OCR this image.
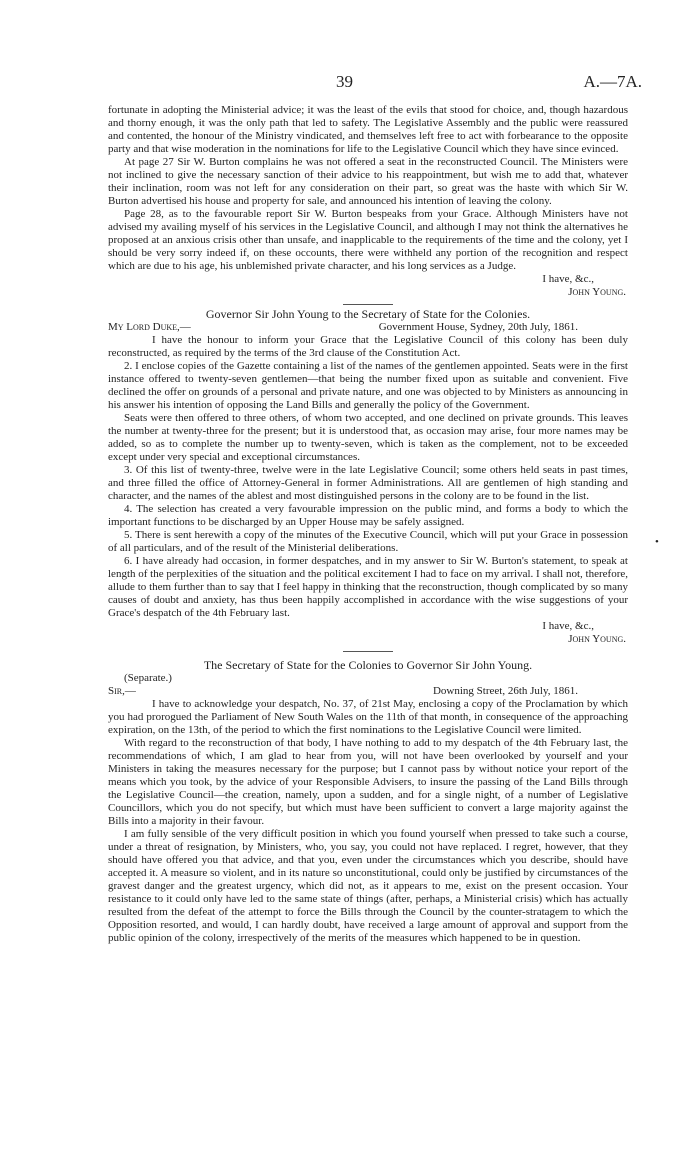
39	A.—7A.
•

fortunate in adopting the Ministerial advice; it was the least of the evils that stood for choice, and, though hazardous and thorny enough, it was the only path that led to safety. The Legislative Assembly and the public were reassured and contented, the honour of the Ministry vindicated, and themselves left free to act with forbearance to the opposite party and that wise moderation in the nominations for life to the Legislative Council which they have since evinced.

At page 27 Sir W. Burton complains he was not offered a seat in the reconstructed Council. The Ministers were not inclined to give the necessary sanction of their advice to his reappointment, but wish me to add that, whatever their inclination, room was not left for any consideration on their part, so great was the haste with which Sir W. Burton advertised his house and property for sale, and announced his intention of leaving the colony.

Page 28, as to the favourable report Sir W. Burton bespeaks from your Grace. Although Ministers have not advised my availing myself of his services in the Legislative Council, and although I may not think the alternatives he proposed at an anxious crisis other than unsafe, and inapplicable to the requirements of the time and the colony, yet I should be very sorry indeed if, on these occounts, there were withheld any portion of the recognition and respect which are due to his age, his unblemished private character, and his long services as a Judge.

I have, &c.,

John Young.

Governor Sir John Young to the Secretary of State for the Colonies.

My Lord Duke,—	Government House, Sydney, 20th July, 1861.

I have the honour to inform your Grace that the Legislative Council of this colony has been duly reconstructed, as required by the terms of the 3rd clause of the Constitution Act.

2. I enclose copies of the Gazette containing a list of the names of the gentlemen appointed. Seats were in the first instance offered to twenty-seven gentlemen—that being the number fixed upon as suitable and convenient. Five declined the offer on grounds of a personal and private nature, and one was objected to by Ministers as announcing in his answer his intention of opposing the Land Bills and generally the policy of the Government.

Seats were then offered to three others, of whom two accepted, and one declined on private grounds. This leaves the number at twenty-three for the present; but it is understood that, as occasion may arise, four more names may be added, so as to complete the number up to twenty-seven, which is taken as the complement, not to be exceeded except under very special and exceptional circumstances.

3. Of this list of twenty-three, twelve were in the late Legislative Council; some others held seats in past times, and three filled the office of Attorney-General in former Administrations. All are gentlemen of high standing and character, and the names of the ablest and most distinguished persons in the colony are to be found in the list.

4. The selection has created a very favourable impression on the public mind, and forms a body to which the important functions to be discharged by an Upper House may be safely assigned.

5. There is sent herewith a copy of the minutes of the Executive Council, which will put your Grace in possession of all particulars, and of the result of the Ministerial deliberations.

6. I have already had occasion, in former despatches, and in my answer to Sir W. Burton's statement, to speak at length of the perplexities of the situation and the political excitement I had to face on my arrival. I shall not, therefore, allude to them further than to say that I feel happy in thinking that the reconstruction, though complicated by so many causes of doubt and anxiety, has thus been happily accomplished in accordance with the wise suggestions of your Grace's despatch of the 4th February last.

I have, &c.,

John Young.

The Secretary of State for the Colonies to Governor Sir John Young.

(Separate.)

Sir,—	Downing Street, 26th July, 1861.

I have to acknowledge your despatch, No. 37, of 21st May, enclosing a copy of the Proclamation by which you had prorogued the Parliament of New South Wales on the 11th of that month, in consequence of the approaching expiration, on the 13th, of the period to which the first nominations to the Legislative Council were limited.

With regard to the reconstruction of that body, I have nothing to add to my despatch of the 4th February last, the recommendations of which, I am glad to hear from you, will not have been overlooked by yourself and your Ministers in taking the measures necessary for the purpose; but I cannot pass by without notice your report of the means which you took, by the advice of your Responsible Advisers, to insure the passing of the Land Bills through the Legislative Council—the creation, namely, upon a sudden, and for a single night, of a number of Legislative Councillors, which you do not specify, but which must have been sufficient to convert a large majority against the Bills into a majority in their favour.

I am fully sensible of the very difficult position in which you found yourself when pressed to take such a course, under a threat of resignation, by Ministers, who, you say, you could not have replaced. I regret, however, that they should have offered you that advice, and that you, even under the circumstances which you describe, should have accepted it. A measure so violent, and in its nature so unconstitutional, could only be justified by circumstances of the gravest danger and the greatest urgency, which did not, as it appears to me, exist on the present occasion. Your resistance to it could only have led to the same state of things (after, perhaps, a Ministerial crisis) which has actually resulted from the defeat of the attempt to force the Bills through the Council by the counter-stratagem to which the Opposition resorted, and would, I can hardly doubt, have received a large amount of approval and support from the public opinion of the colony, irrespectively of the merits of the measures which happened to be in question.
